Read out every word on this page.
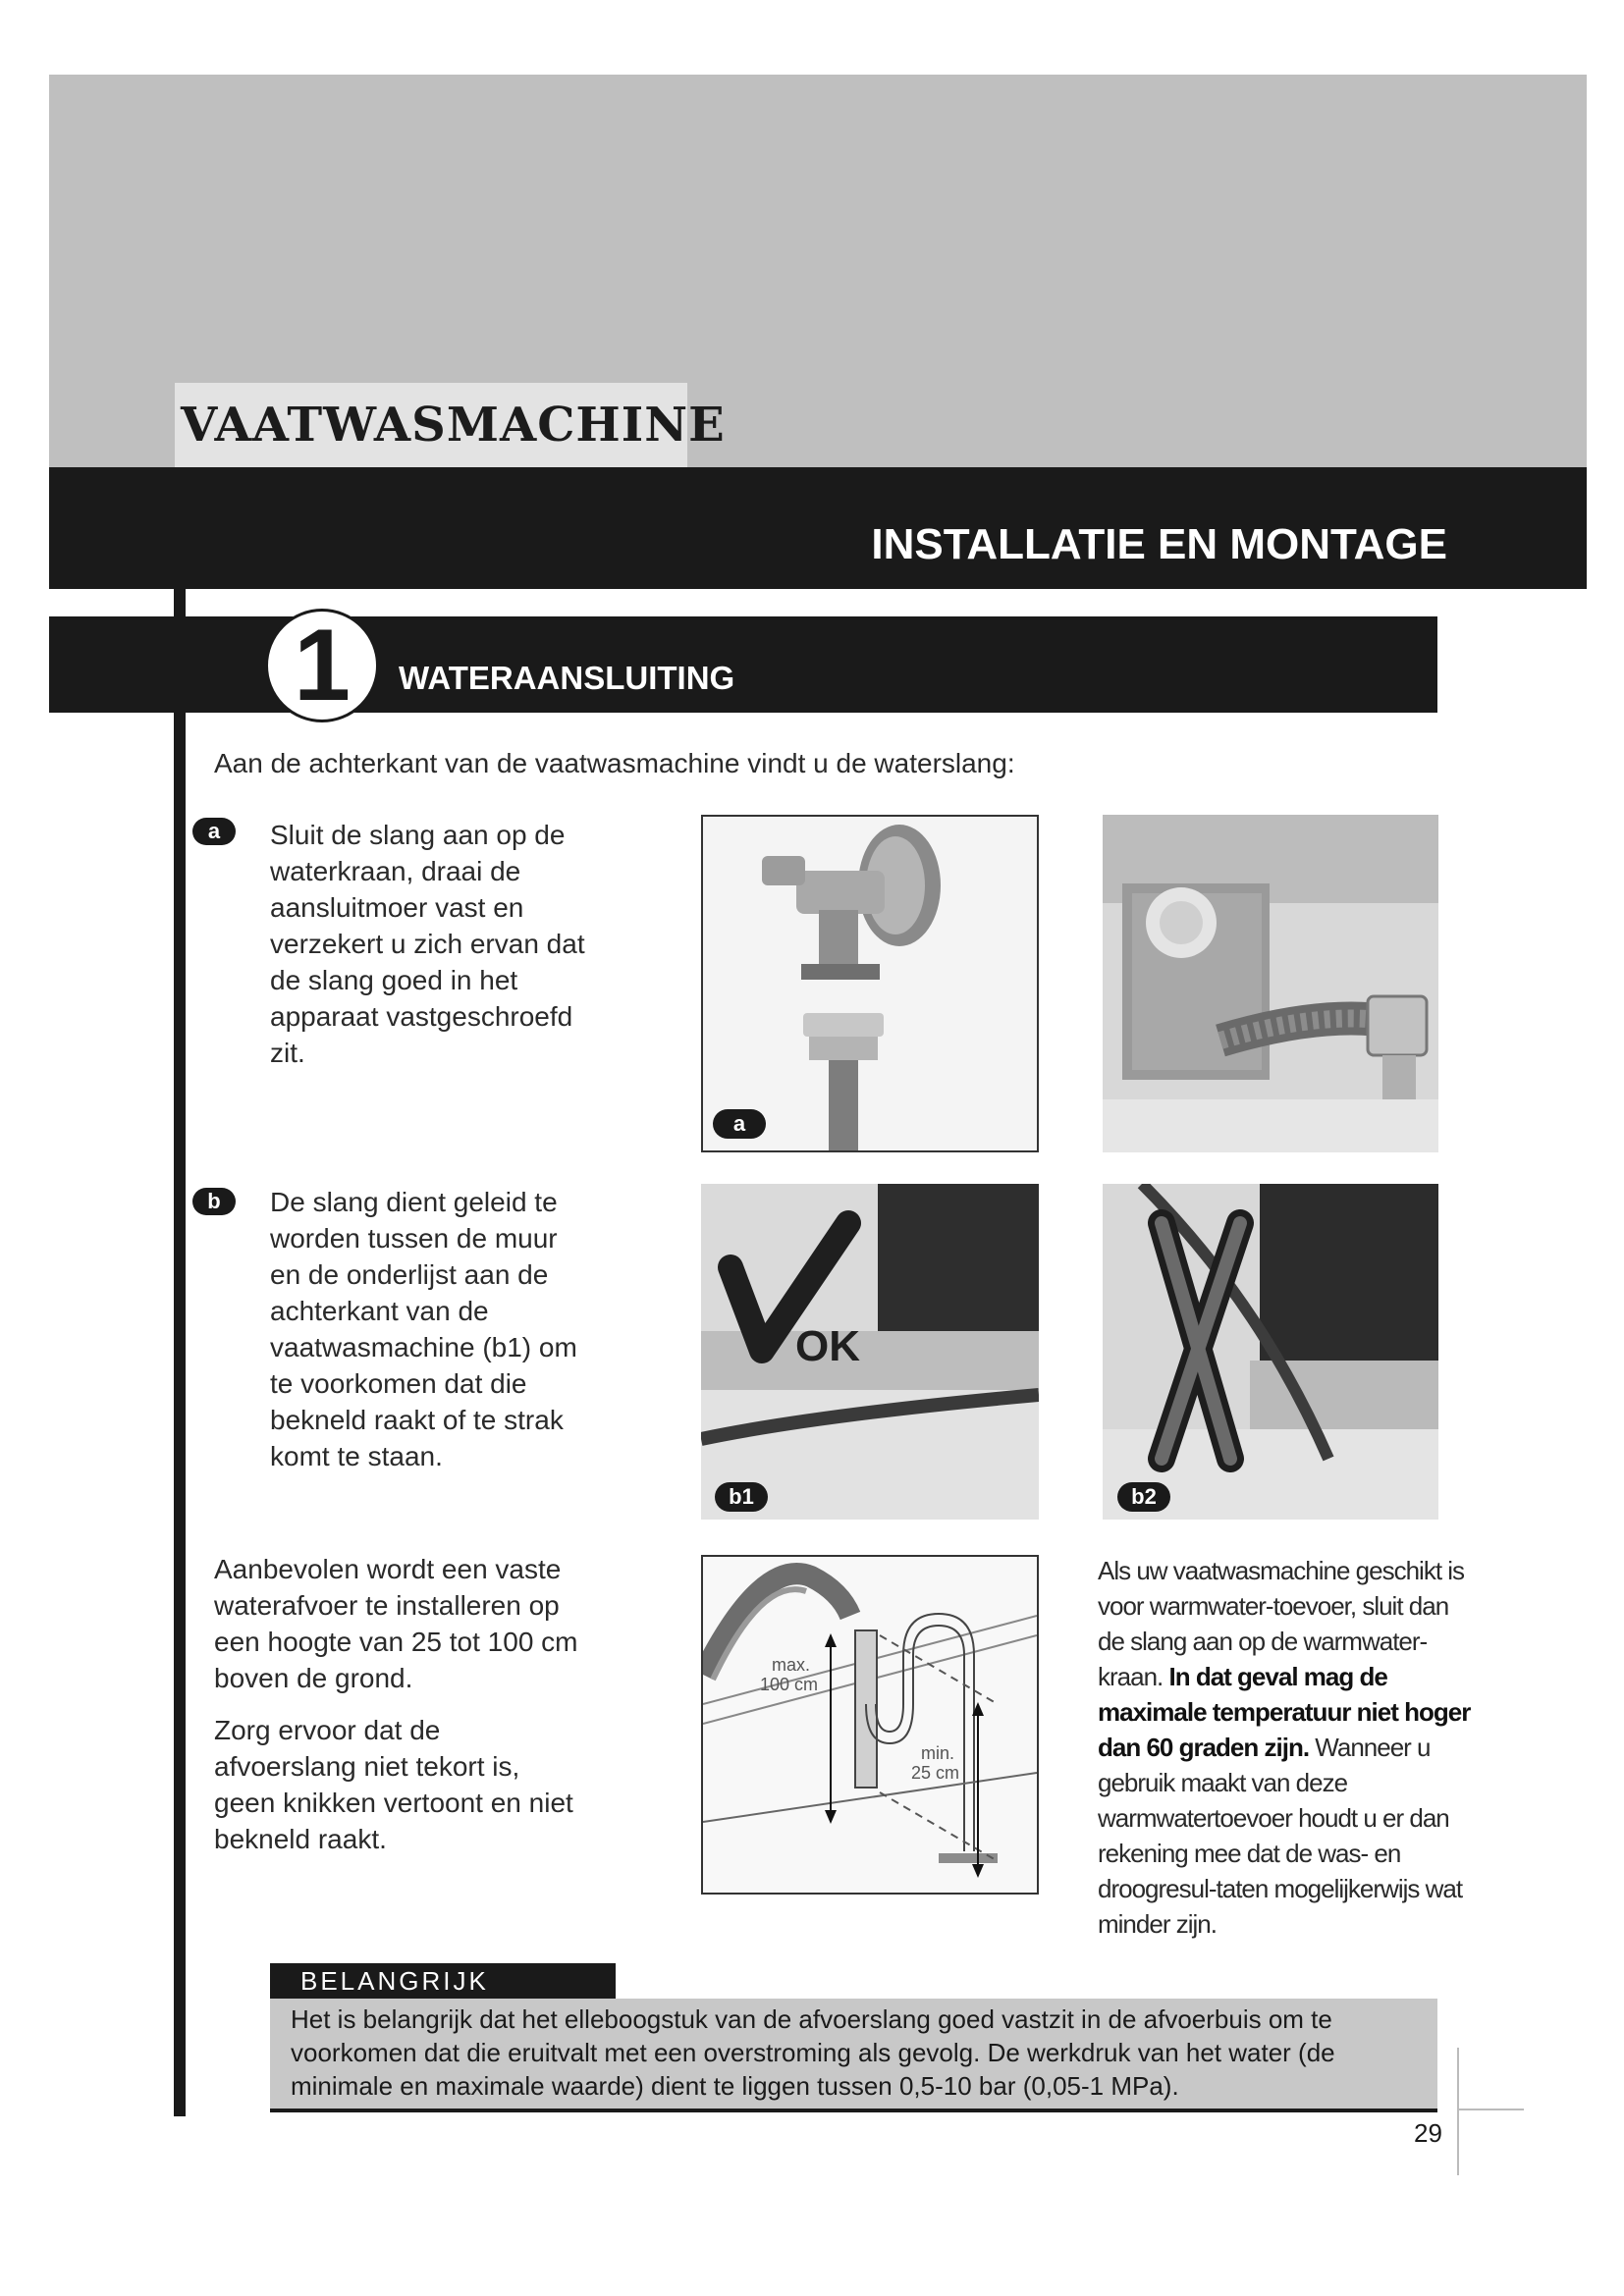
VAATWASMACHINE
INSTALLATIE EN MONTAGE
1	WATERAANSLUITING
Aan de achterkant van de vaatwasmachine vindt u de waterslang:
a	Sluit de slang aan op de waterkraan, draai de aansluitmoer vast en verzekert u zich ervan dat de slang goed in het apparaat vastgeschroefd zit.
a
b	De slang dient geleid te worden tussen de muur en de onderlijst aan de achterkant van de vaatwasmachine (b1) om te voorkomen dat die bekneld raakt of te strak komt te staan.
OK
b1	b2
Aanbevolen wordt een vaste waterafvoer te installeren op een hoogte van 25 tot 100 cm boven de grond.
Zorg ervoor dat de afvoerslang niet tekort is, geen knikken vertoont en niet bekneld raakt.
max.
100 cm
min.
25 cm
Als uw vaatwasmachine geschikt is voor warmwater-toevoer, sluit dan de slang aan op de warmwater-kraan. In dat geval mag de maximale temperatuur niet hoger dan 60 graden zijn. Wanneer u gebruik maakt van deze warmwatertoevoer houdt u er dan rekening mee dat de was- en droogresul-taten mogelijkerwijs wat minder zijn.
BELANGRIJK
Het is belangrijk dat het elleboogstuk van de afvoerslang goed vastzit in de afvoerbuis om te voorkomen dat die eruitvalt met een overstroming als gevolg. De werkdruk van het water (de minimale en maximale waarde) dient te liggen tussen 0,5-10 bar (0,05-1 MPa).
29
